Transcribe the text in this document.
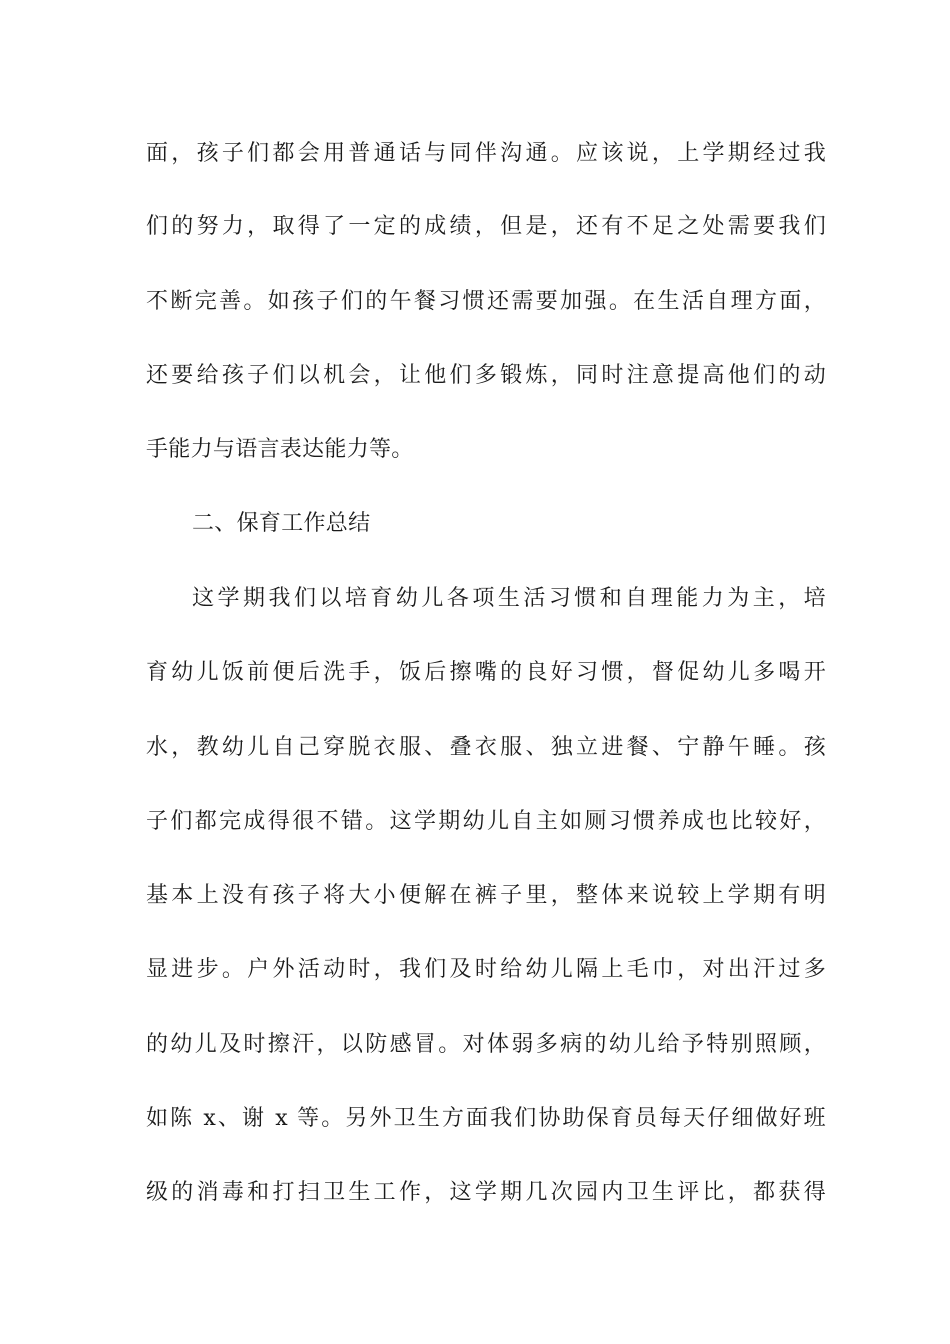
面，孩子们都会用普通话与同伴沟通。应该说，上学期经过我
们的努力，取得了一定的成绩，但是，还有不足之处需要我们
不断完善。如孩子们的午餐习惯还需要加强。在生活自理方面，
还要给孩子们以机会，让他们多锻炼，同时注意提高他们的动
手能力与语言表达能力等。
二、保育工作总结
这学期我们以培育幼儿各项生活习惯和自理能力为主，培
育幼儿饭前便后洗手，饭后擦嘴的良好习惯，督促幼儿多喝开
水，教幼儿自己穿脱衣服、叠衣服、独立进餐、宁静午睡。孩
子们都完成得很不错。这学期幼儿自主如厕习惯养成也比较好，
基本上没有孩子将大小便解在裤子里，整体来说较上学期有明
显进步。户外活动时，我们及时给幼儿隔上毛巾，对出汗过多
的幼儿及时擦汗，以防感冒。对体弱多病的幼儿给予特别照顾，
如陈 x、谢 x 等。另外卫生方面我们协助保育员每天仔细做好班
级的消毒和打扫卫生工作，这学期几次园内卫生评比，都获得
